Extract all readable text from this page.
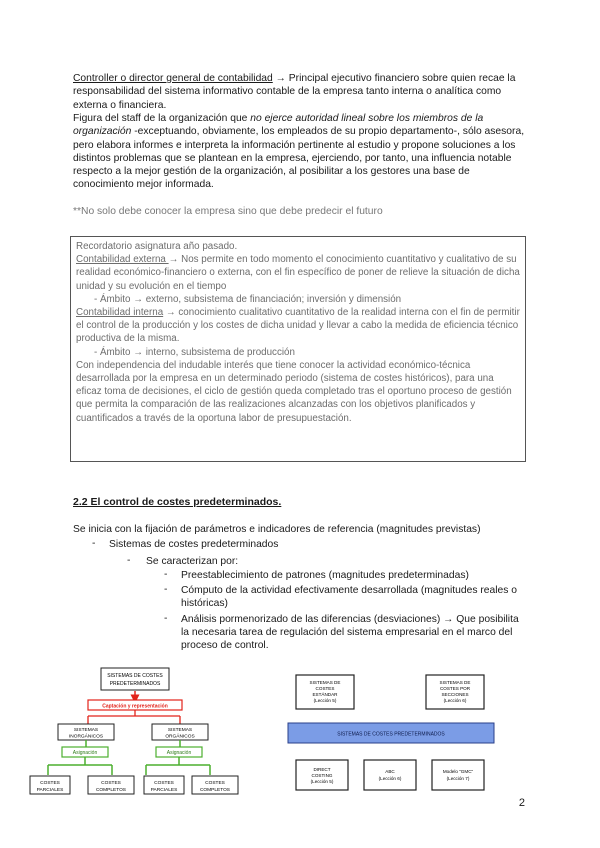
Controller o director general de contabilidad → Principal ejecutivo financiero sobre quien recae la responsabilidad del sistema informativo contable de la empresa tanto interna o analítica como externa o financiera.
Figura del staff de la organización que no ejerce autoridad lineal sobre los miembros de la organización -exceptuando, obviamente, los empleados de su propio departamento-, sólo asesora, pero elabora informes e interpreta la información pertinente al estudio y propone soluciones a los distintos problemas que se plantean en la empresa, ejerciendo, por tanto, una influencia notable respecto a la mejor gestión de la organización, al posibilitar a los gestores una base de conocimiento mejor informada.
**No solo debe conocer la empresa sino que debe predecir el futuro
Recordatorio asignatura año pasado.
Contabilidad externa → Nos permite en todo momento el conocimiento cuantitativo y cualitativo de su realidad económico-financiero o externa, con el fin específico de poner de relieve la situación de dicha unidad y su evolución en el tiempo
- Ámbito → externo, subsistema de financiación; inversión y dimensión
Contabilidad interna → conocimiento cualitativo cuantitativo de la realidad interna con el fin de permitir el control de la producción y los costes de dicha unidad y llevar a cabo la medida de eficiencia técnico productiva de la misma.
- Ámbito → interno, subsistema de producción
Con independencia del indudable interés que tiene conocer la actividad económico-técnica desarrollada por la empresa en un determinado periodo (sistema de costes históricos), para una eficaz toma de decisiones, el ciclo de gestión queda completado tras el oportuno proceso de gestión que permita la comparación de las realizaciones alcanzadas con los objetivos planificados y cuantificados a través de la oportuna labor de presupuestación.
2.2 El control de costes predeterminados.
Se inicia con la fijación de parámetros e indicadores de referencia (magnitudes previstas)
- Sistemas de costes predeterminados
- Se caracterizan por:
- Preestablecimiento de patrones (magnitudes predeterminadas)
- Cómputo de la actividad efectivamente desarrollada (magnitudes reales o históricas)
- Análisis pormenorizado de las diferencias (desviaciones) → Que posibilita la necesaria tarea de regulación del sistema empresarial en el marco del proceso de control.
SISTEMAS DE COSTES
PREDETERMINADOS
Captación y representación
SISTEMAS
INORGÁNICOS
SISTEMAS
ORGÁNICOS
Asignación	Asignación
COSTES
PARCIALES
COSTES
COMPLETOS
COSTES
PARCIALES
COSTES
COMPLETOS
SISTEMAS DE
COSTES
ESTÁNDAR
(Lección 5)
SISTEMAS DE
COSTES POR
SECCIONES
(Lección 6)
SISTEMAS DE COSTES PREDETERMINADOS
DIRECT
COSTING
(Lección 5)
ABC
(Lección 6)
Modelo "GMC"
(Lección 7)
2
